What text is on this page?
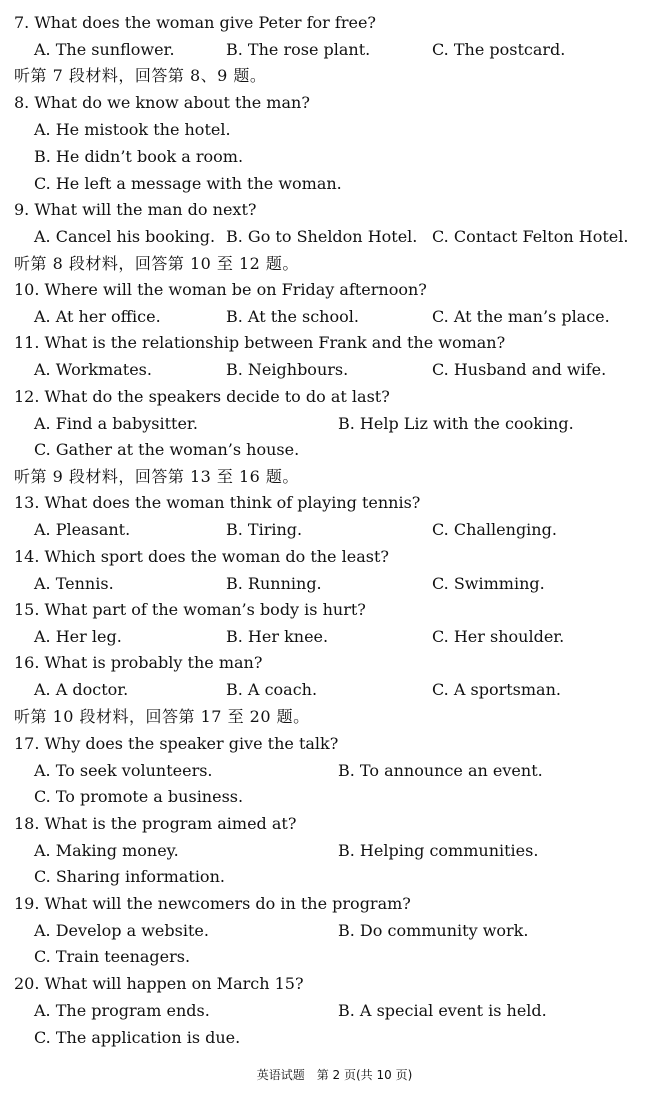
7. What does the woman give Peter for free?
A. The sunflower.	B. The rose plant.	C. The postcard.
听第 7 段材料，回答第 8、9 题。
8. What do we know about the man?
A. He mistook the hotel.
B. He didn’t book a room.
C. He left a message with the woman.
9. What will the man do next?
A. Cancel his booking. B. Go to Sheldon Hotel. C. Contact Felton Hotel.
听第 8 段材料，回答第 10 至 12 题。
10. Where will the woman be on Friday afternoon?
A. At her office.	B. At the school.	C. At the man’s place.
11. What is the relationship between Frank and the woman?
A. Workmates.	B. Neighbours.	C. Husband and wife.
12. What do the speakers decide to do at last?
A. Find a babysitter.	B. Help Liz with the cooking.
C. Gather at the woman’s house.
听第 9 段材料，回答第 13 至 16 题。
13. What does the woman think of playing tennis?
A. Pleasant.	B. Tiring.	C. Challenging.
14. Which sport does the woman do the least?
A. Tennis.	B. Running.	C. Swimming.
15. What part of the woman’s body is hurt?
A. Her leg.	B. Her knee.	C. Her shoulder.
16. What is probably the man?
A. A doctor.	B. A coach.	C. A sportsman.
听第 10 段材料，回答第 17 至 20 题。
17. Why does the speaker give the talk?
A. To seek volunteers.	B. To announce an event.
C. To promote a business.
18. What is the program aimed at?
A. Making money.	B. Helping communities.
C. Sharing information.
19. What will the newcomers do in the program?
A. Develop a website.	B. Do community work.
C. Train teenagers.
20. What will happen on March 15?
A. The program ends.	B. A special event is held.
C. The application is due.
英语试题　第 2 页(共 10 页)
